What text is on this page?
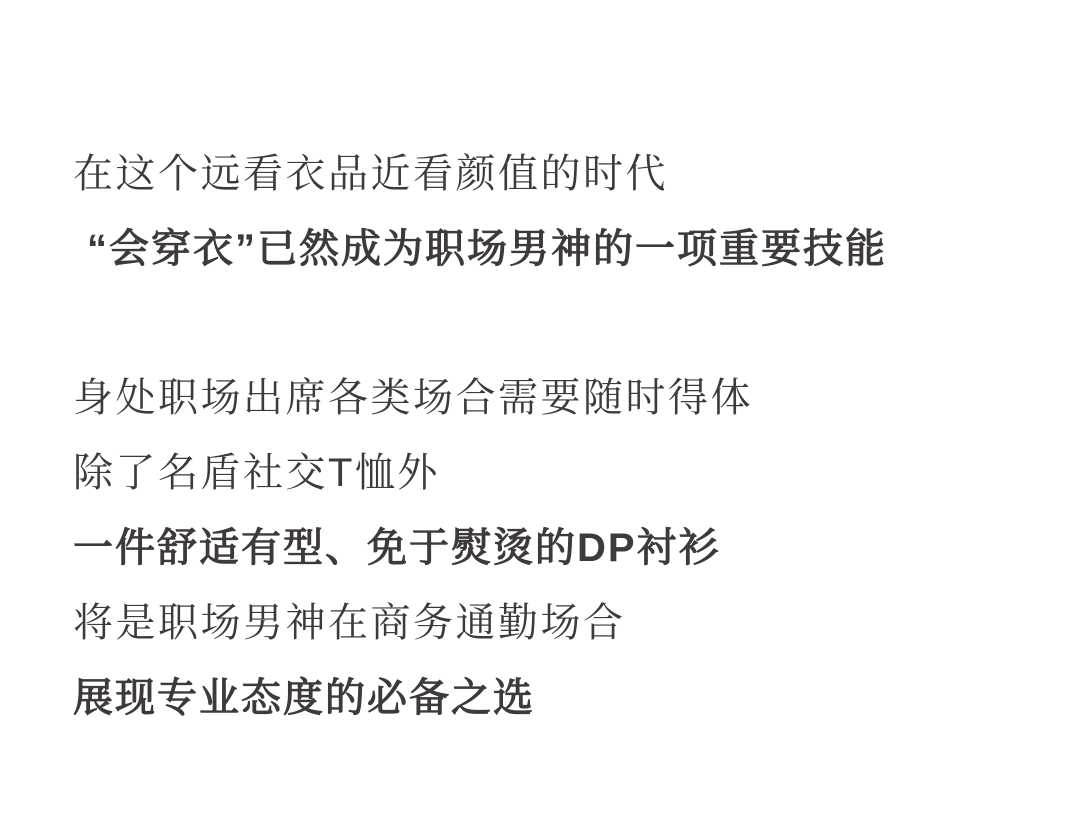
在这个远看衣品近看颜值的时代

“会穿衣”已然成为职场男神的一项重要技能

身处职场出席各类场合需要随时得体

除了名盾社交T恤外

一件舒适有型、免于熨烫的DP衬衫

将是职场男神在商务通勤场合

展现专业态度的必备之选
